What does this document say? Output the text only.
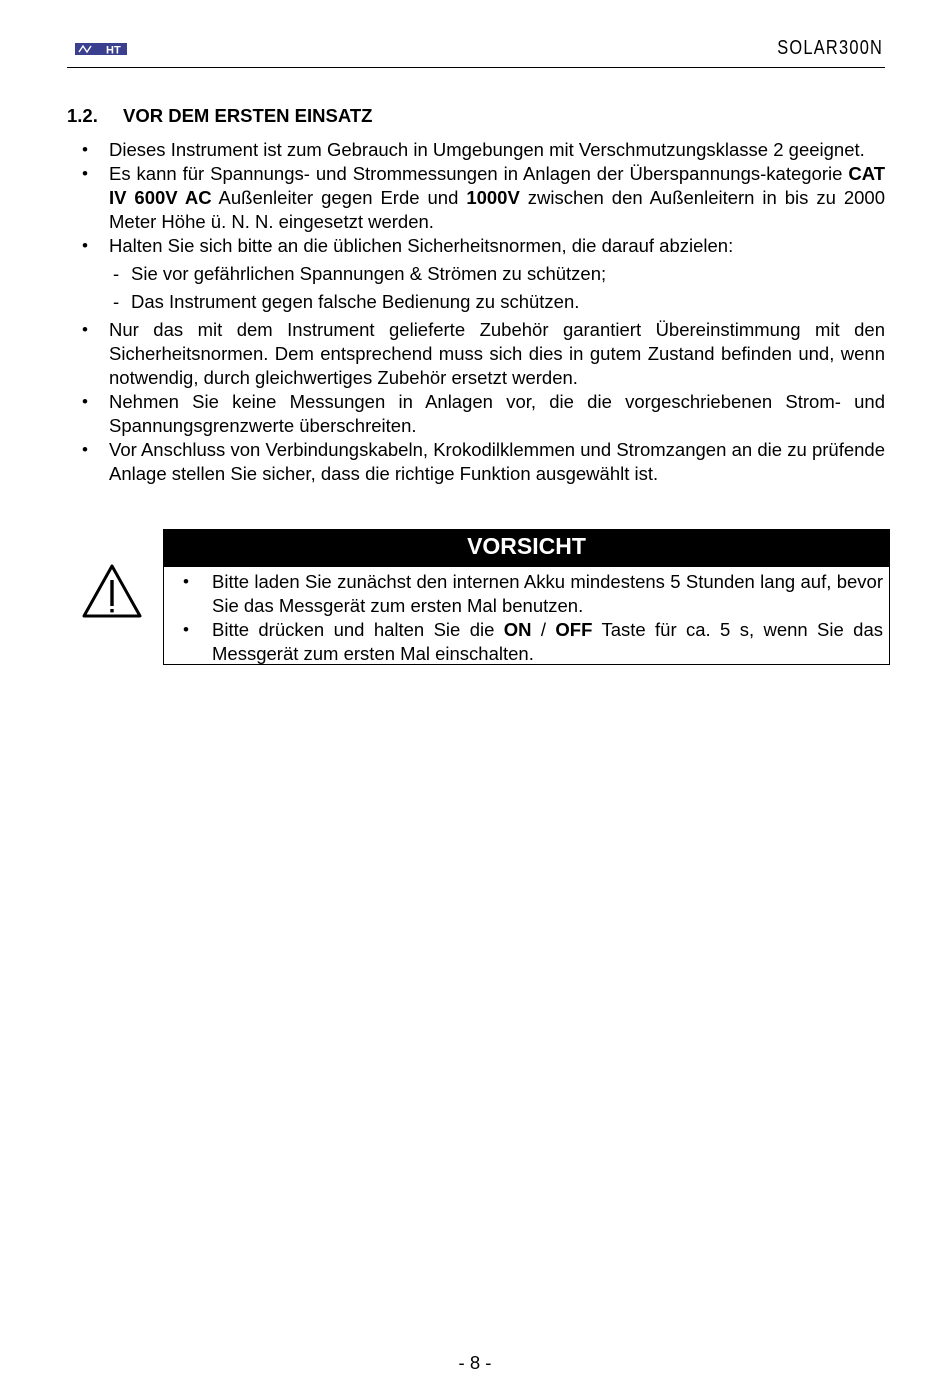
HT	SOLAR300N
1.2. VOR DEM ERSTEN EINSATZ
• Dieses Instrument ist zum Gebrauch in Umgebungen mit Verschmutzungsklasse 2 geeignet.
• Es kann für Spannungs- und Strommessungen in Anlagen der Überspannungs-kategorie CAT IV 600V AC Außenleiter gegen Erde und 1000V zwischen den Außenleitern in bis zu 2000 Meter Höhe ü. N. N. eingesetzt werden.
• Halten Sie sich bitte an die üblichen Sicherheitsnormen, die darauf abzielen:
- Sie vor gefährlichen Spannungen & Strömen zu schützen;
- Das Instrument gegen falsche Bedienung zu schützen.
• Nur das mit dem Instrument gelieferte Zubehör garantiert Übereinstimmung mit den Sicherheitsnormen. Dem entsprechend muss sich dies in gutem Zustand befinden und, wenn notwendig, durch gleichwertiges Zubehör ersetzt werden.
• Nehmen Sie keine Messungen in Anlagen vor, die die vorgeschriebenen Strom- und Spannungsgrenzwerte überschreiten.
• Vor Anschluss von Verbindungskabeln, Krokodilklemmen und Stromzangen an die zu prüfende Anlage stellen Sie sicher, dass die richtige Funktion ausgewählt ist.
VORSICHT
• Bitte laden Sie zunächst den internen Akku mindestens 5 Stunden lang auf, bevor Sie das Messgerät zum ersten Mal benutzen.
• Bitte drücken und halten Sie die ON / OFF Taste für ca. 5 s, wenn Sie das Messgerät zum ersten Mal einschalten.
- 8 -
